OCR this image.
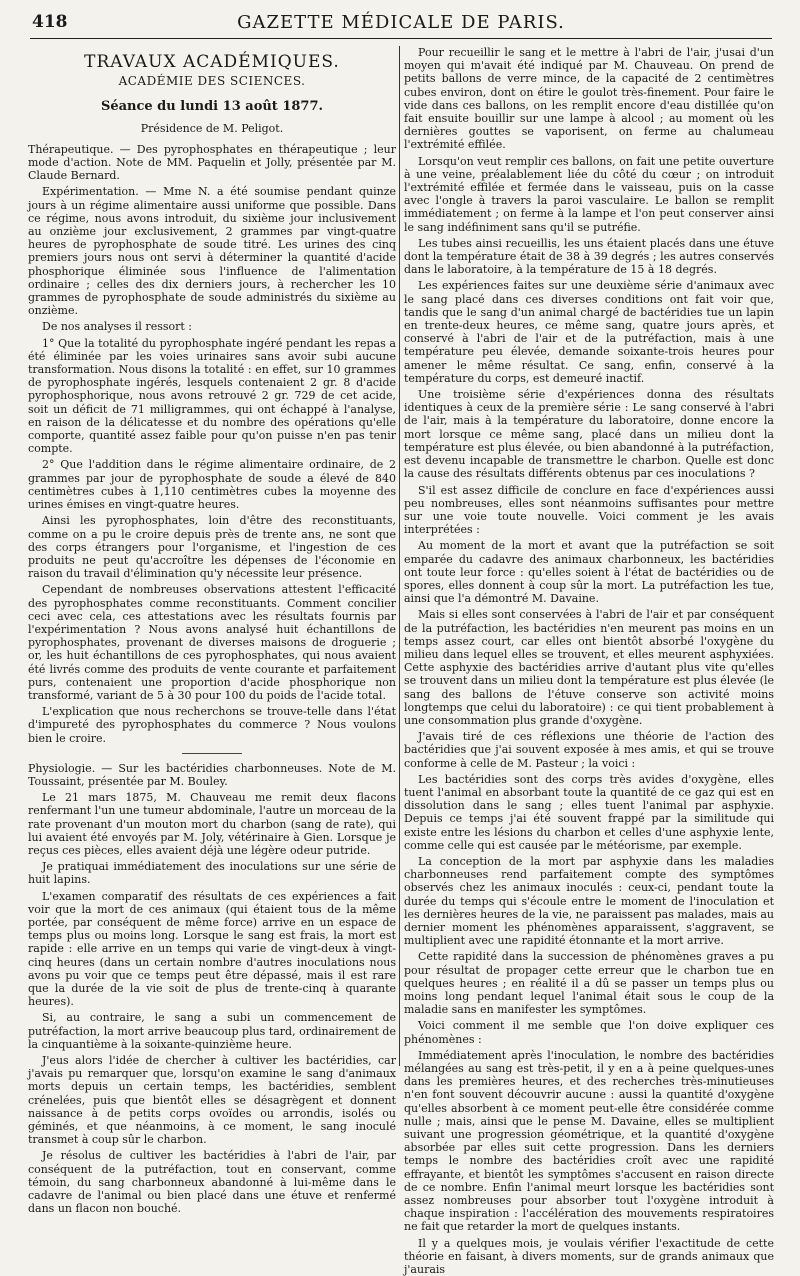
418	GAZETTE MÉDICALE DE PARIS.
TRAVAUX ACADÉMIQUES.
ACADÉMIE DES SCIENCES.
Séance du lundi 13 août 1877.
Présidence de M. Peligot.

Thérapeutique. — Des pyrophosphates en thérapeutique ; leur mode d'action. Note de MM. Paquelin et Jolly, présentée par M. Claude Bernard.

Expérimentation. — Mme N. a été soumise pendant quinze jours à un régime alimentaire aussi uniforme que possible. Dans ce régime, nous avons introduit, du sixième jour inclusivement au onzième jour exclusivement, 2 grammes par vingt-quatre heures de pyrophosphate de soude titré. Les urines des cinq premiers jours nous ont servi à déterminer la quantité d'acide phosphorique éliminée sous l'influence de l'alimentation ordinaire ; celles des dix derniers jours, à rechercher les 10 grammes de pyrophosphate de soude administrés du sixième au onzième.

De nos analyses il ressort :

1° Que la totalité du pyrophosphate ingéré pendant les repas a été éliminée par les voies urinaires sans avoir subi aucune transformation. Nous disons la totalité : en effet, sur 10 grammes de pyrophosphate ingérés, lesquels contenaient 2 gr. 8 d'acide pyrophosphorique, nous avons retrouvé 2 gr. 729 de cet acide, soit un déficit de 71 milligrammes, qui ont échappé à l'analyse, en raison de la délicatesse et du nombre des opérations qu'elle comporte, quantité assez faible pour qu'on puisse n'en pas tenir compte.

2° Que l'addition dans le régime alimentaire ordinaire, de 2 grammes par jour de pyrophosphate de soude a élevé de 840 centimètres cubes à 1,110 centimètres cubes la moyenne des urines émises en vingt-quatre heures.

Ainsi les pyrophosphates, loin d'être des reconstituants, comme on a pu le croire depuis près de trente ans, ne sont que des corps étrangers pour l'organisme, et l'ingestion de ces produits ne peut qu'accroître les dépenses de l'économie en raison du travail d'élimination qu'y nécessite leur présence.

Cependant de nombreuses observations attestent l'efficacité des pyrophosphates comme reconstituants. Comment concilier ceci avec cela, ces attestations avec les résultats fournis par l'expérimentation ? Nous avons analysé huit échantillons de pyrophosphates, provenant de diverses maisons de droguerie ; or, les huit échantillons de ces pyrophosphates, qui nous avaient été livrés comme des produits de vente courante et parfaitement purs, contenaient une proportion d'acide phosphorique non transformé, variant de 5 à 30 pour 100 du poids de l'acide total.

L'explication que nous recherchons se trouve-telle dans l'état d'impureté des pyrophosphates du commerce ? Nous voulons bien le croire.

Physiologie. — Sur les bactéridies charbonneuses. Note de M. Toussaint, présentée par M. Bouley.

Le 21 mars 1875, M. Chauveau me remit deux flacons renfermant l'un une tumeur abdominale, l'autre un morceau de la rate provenant d'un mouton mort du charbon (sang de rate), qui lui avaient été envoyés par M. Joly, vétérinaire à Gien. Lorsque je reçus ces pièces, elles avaient déjà une légère odeur putride.

Je pratiquai immédiatement des inoculations sur une série de huit lapins.

L'examen comparatif des résultats de ces expériences a fait voir que la mort de ces animaux (qui étaient tous de la même portée, par conséquent de même force) arrive en un espace de temps plus ou moins long. Lorsque le sang est frais, la mort est rapide : elle arrive en un temps qui varie de vingt-deux à vingt-cinq heures (dans un certain nombre d'autres inoculations nous avons pu voir que ce temps peut être dépassé, mais il est rare que la durée de la vie soit de plus de trente-cinq à quarante heures).

Si, au contraire, le sang a subi un commencement de putréfaction, la mort arrive beaucoup plus tard, ordinairement de la cinquantième à la soixante-quinzième heure.

J'eus alors l'idée de chercher à cultiver les bactéridies, car j'avais pu remarquer que, lorsqu'on examine le sang d'animaux morts depuis un certain temps, les bactéridies, semblent crénelées, puis que bientôt elles se désagrègent et donnent naissance à de petits corps ovoïdes ou arrondis, isolés ou géminés, et que néanmoins, à ce moment, le sang inoculé transmet à coup sûr le charbon.

Je résolus de cultiver les bactéridies à l'abri de l'air, par conséquent de la putréfaction, tout en conservant, comme témoin, du sang charbonneux abandonné à lui-même dans le cadavre de l'animal ou bien placé dans une étuve et renfermé dans un flacon non bouché.

Pour recueillir le sang et le mettre à l'abri de l'air, j'usai d'un moyen qui m'avait été indiqué par M. Chauveau. On prend de petits ballons de verre mince, de la capacité de 2 centimètres cubes environ, dont on étire le goulot très-finement. Pour faire le vide dans ces ballons, on les remplit encore d'eau distillée qu'on fait ensuite bouillir sur une lampe à alcool ; au moment où les dernières gouttes se vaporisent, on ferme au chalumeau l'extrémité effilée.

Lorsqu'on veut remplir ces ballons, on fait une petite ouverture à une veine, préalablement liée du côté du cœur ; on introduit l'extrémité effilée et fermée dans le vaisseau, puis on la casse avec l'ongle à travers la paroi vasculaire. Le ballon se remplit immédiatement ; on ferme à la lampe et l'on peut conserver ainsi le sang indéfiniment sans qu'il se putréfie.

Les tubes ainsi recueillis, les uns étaient placés dans une étuve dont la température était de 38 à 39 degrés ; les autres conservés dans le laboratoire, à la température de 15 à 18 degrés.

Les expériences faites sur une deuxième série d'animaux avec le sang placé dans ces diverses conditions ont fait voir que, tandis que le sang d'un animal chargé de bactéridies tue un lapin en trente-deux heures, ce même sang, quatre jours après, et conservé à l'abri de l'air et de la putréfaction, mais à une température peu élevée, demande soixante-trois heures pour amener le même résultat. Ce sang, enfin, conservé à la température du corps, est demeuré inactif.

Une troisième série d'expériences donna des résultats identiques à ceux de la première série : Le sang conservé à l'abri de l'air, mais à la température du laboratoire, donne encore la mort lorsque ce même sang, placé dans un milieu dont la température est plus élevée, ou bien abandonné à la putréfaction, est devenu incapable de transmettre le charbon. Quelle est donc la cause des résultats différents obtenus par ces inoculations ?

S'il est assez difficile de conclure en face d'expériences aussi peu nombreuses, elles sont néanmoins suffisantes pour mettre sur une voie toute nouvelle. Voici comment je les avais interprétées :

Au moment de la mort et avant que la putréfaction se soit emparée du cadavre des animaux charbonneux, les bactéridies ont toute leur force : qu'elles soient à l'état de bactéridies ou de spores, elles donnent à coup sûr la mort. La putréfaction les tue, ainsi que l'a démontré M. Davaine.

Mais si elles sont conservées à l'abri de l'air et par conséquent de la putréfaction, les bactéridies n'en meurent pas moins en un temps assez court, car elles ont bientôt absorbé l'oxygène du milieu dans lequel elles se trouvent, et elles meurent asphyxiées. Cette asphyxie des bactéridies arrive d'autant plus vite qu'elles se trouvent dans un milieu dont la température est plus élevée (le sang des ballons de l'étuve conserve son activité moins longtemps que celui du laboratoire) : ce qui tient probablement à une consommation plus grande d'oxygène.

J'avais tiré de ces réflexions une théorie de l'action des bactéridies que j'ai souvent exposée à mes amis, et qui se trouve conforme à celle de M. Pasteur ; la voici :

Les bactéridies sont des corps très avides d'oxygène, elles tuent l'animal en absorbant toute la quantité de ce gaz qui est en dissolution dans le sang ; elles tuent l'animal par asphyxie. Depuis ce temps j'ai été souvent frappé par la similitude qui existe entre les lésions du charbon et celles d'une asphyxie lente, comme celle qui est causée par le météorisme, par exemple.

La conception de la mort par asphyxie dans les maladies charbonneuses rend parfaitement compte des symptômes observés chez les animaux inoculés : ceux-ci, pendant toute la durée du temps qui s'écoule entre le moment de l'inoculation et les dernières heures de la vie, ne paraissent pas malades, mais au dernier moment les phénomènes apparaissent, s'aggravent, se multiplient avec une rapidité étonnante et la mort arrive.

Cette rapidité dans la succession de phénomènes graves a pu pour résultat de propager cette erreur que le charbon tue en quelques heures ; en réalité il a dû se passer un temps plus ou moins long pendant lequel l'animal était sous le coup de la maladie sans en manifester les symptômes.

Voici comment il me semble que l'on doive expliquer ces phénomènes :

Immédiatement après l'inoculation, le nombre des bactéridies mélangées au sang est très-petit, il y en a à peine quelques-unes dans les premières heures, et des recherches très-minutieuses n'en font souvent découvrir aucune : aussi la quantité d'oxygène qu'elles absorbent à ce moment peut-elle être considérée comme nulle ; mais, ainsi que le pense M. Davaine, elles se multiplient suivant une progression géométrique, et la quantité d'oxygène absorbée par elles suit cette progression. Dans les derniers temps le nombre des bactéridies croît avec une rapidité effrayante, et bientôt les symptômes s'accusent en raison directe de ce nombre. Enfin l'animal meurt lorsque les bactéridies sont assez nombreuses pour absorber tout l'oxygène introduit à chaque inspiration : l'accélération des mouvements respiratoires ne fait que retarder la mort de quelques instants.

Il y a quelques mois, je voulais vérifier l'exactitude de cette théorie en faisant, à divers moments, sur de grands animaux que j'aurais
